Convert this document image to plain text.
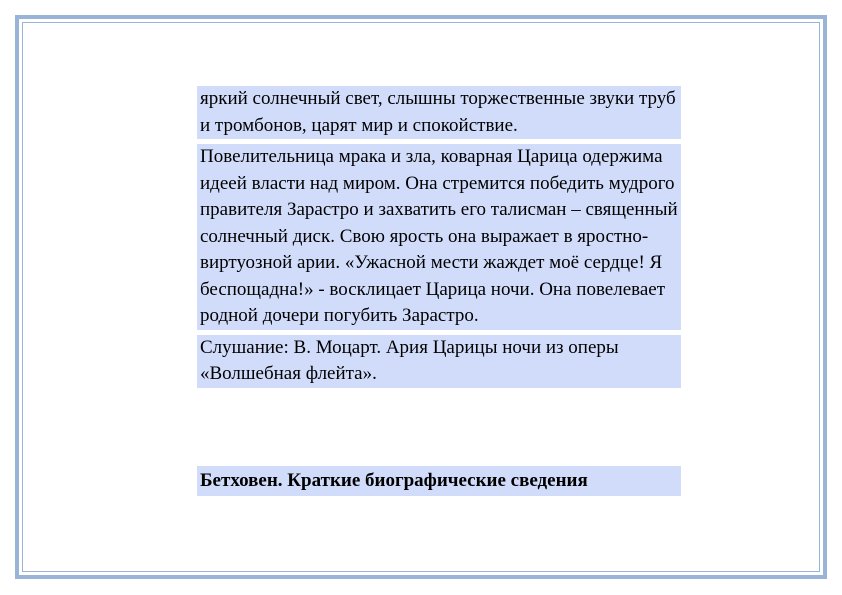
яркий солнечный свет, слышны торжественные звуки труб и тромбонов, царят мир и спокойствие.

Повелительница мрака и зла, коварная Царица одержима идеей власти над миром. Она стремится победить мудрого правителя Зарастро и захватить его талисман – священный солнечный диск. Свою ярость она выражает в яростно-виртуозной арии. «Ужасной мести жаждет моё сердце! Я беспощадна!» - восклицает Царица ночи. Она повелевает родной дочери погубить Зарастро.

Слушание: В. Моцарт. Ария Царицы ночи из оперы «Волшебная флейта».

Бетховен. Краткие биографические сведения
